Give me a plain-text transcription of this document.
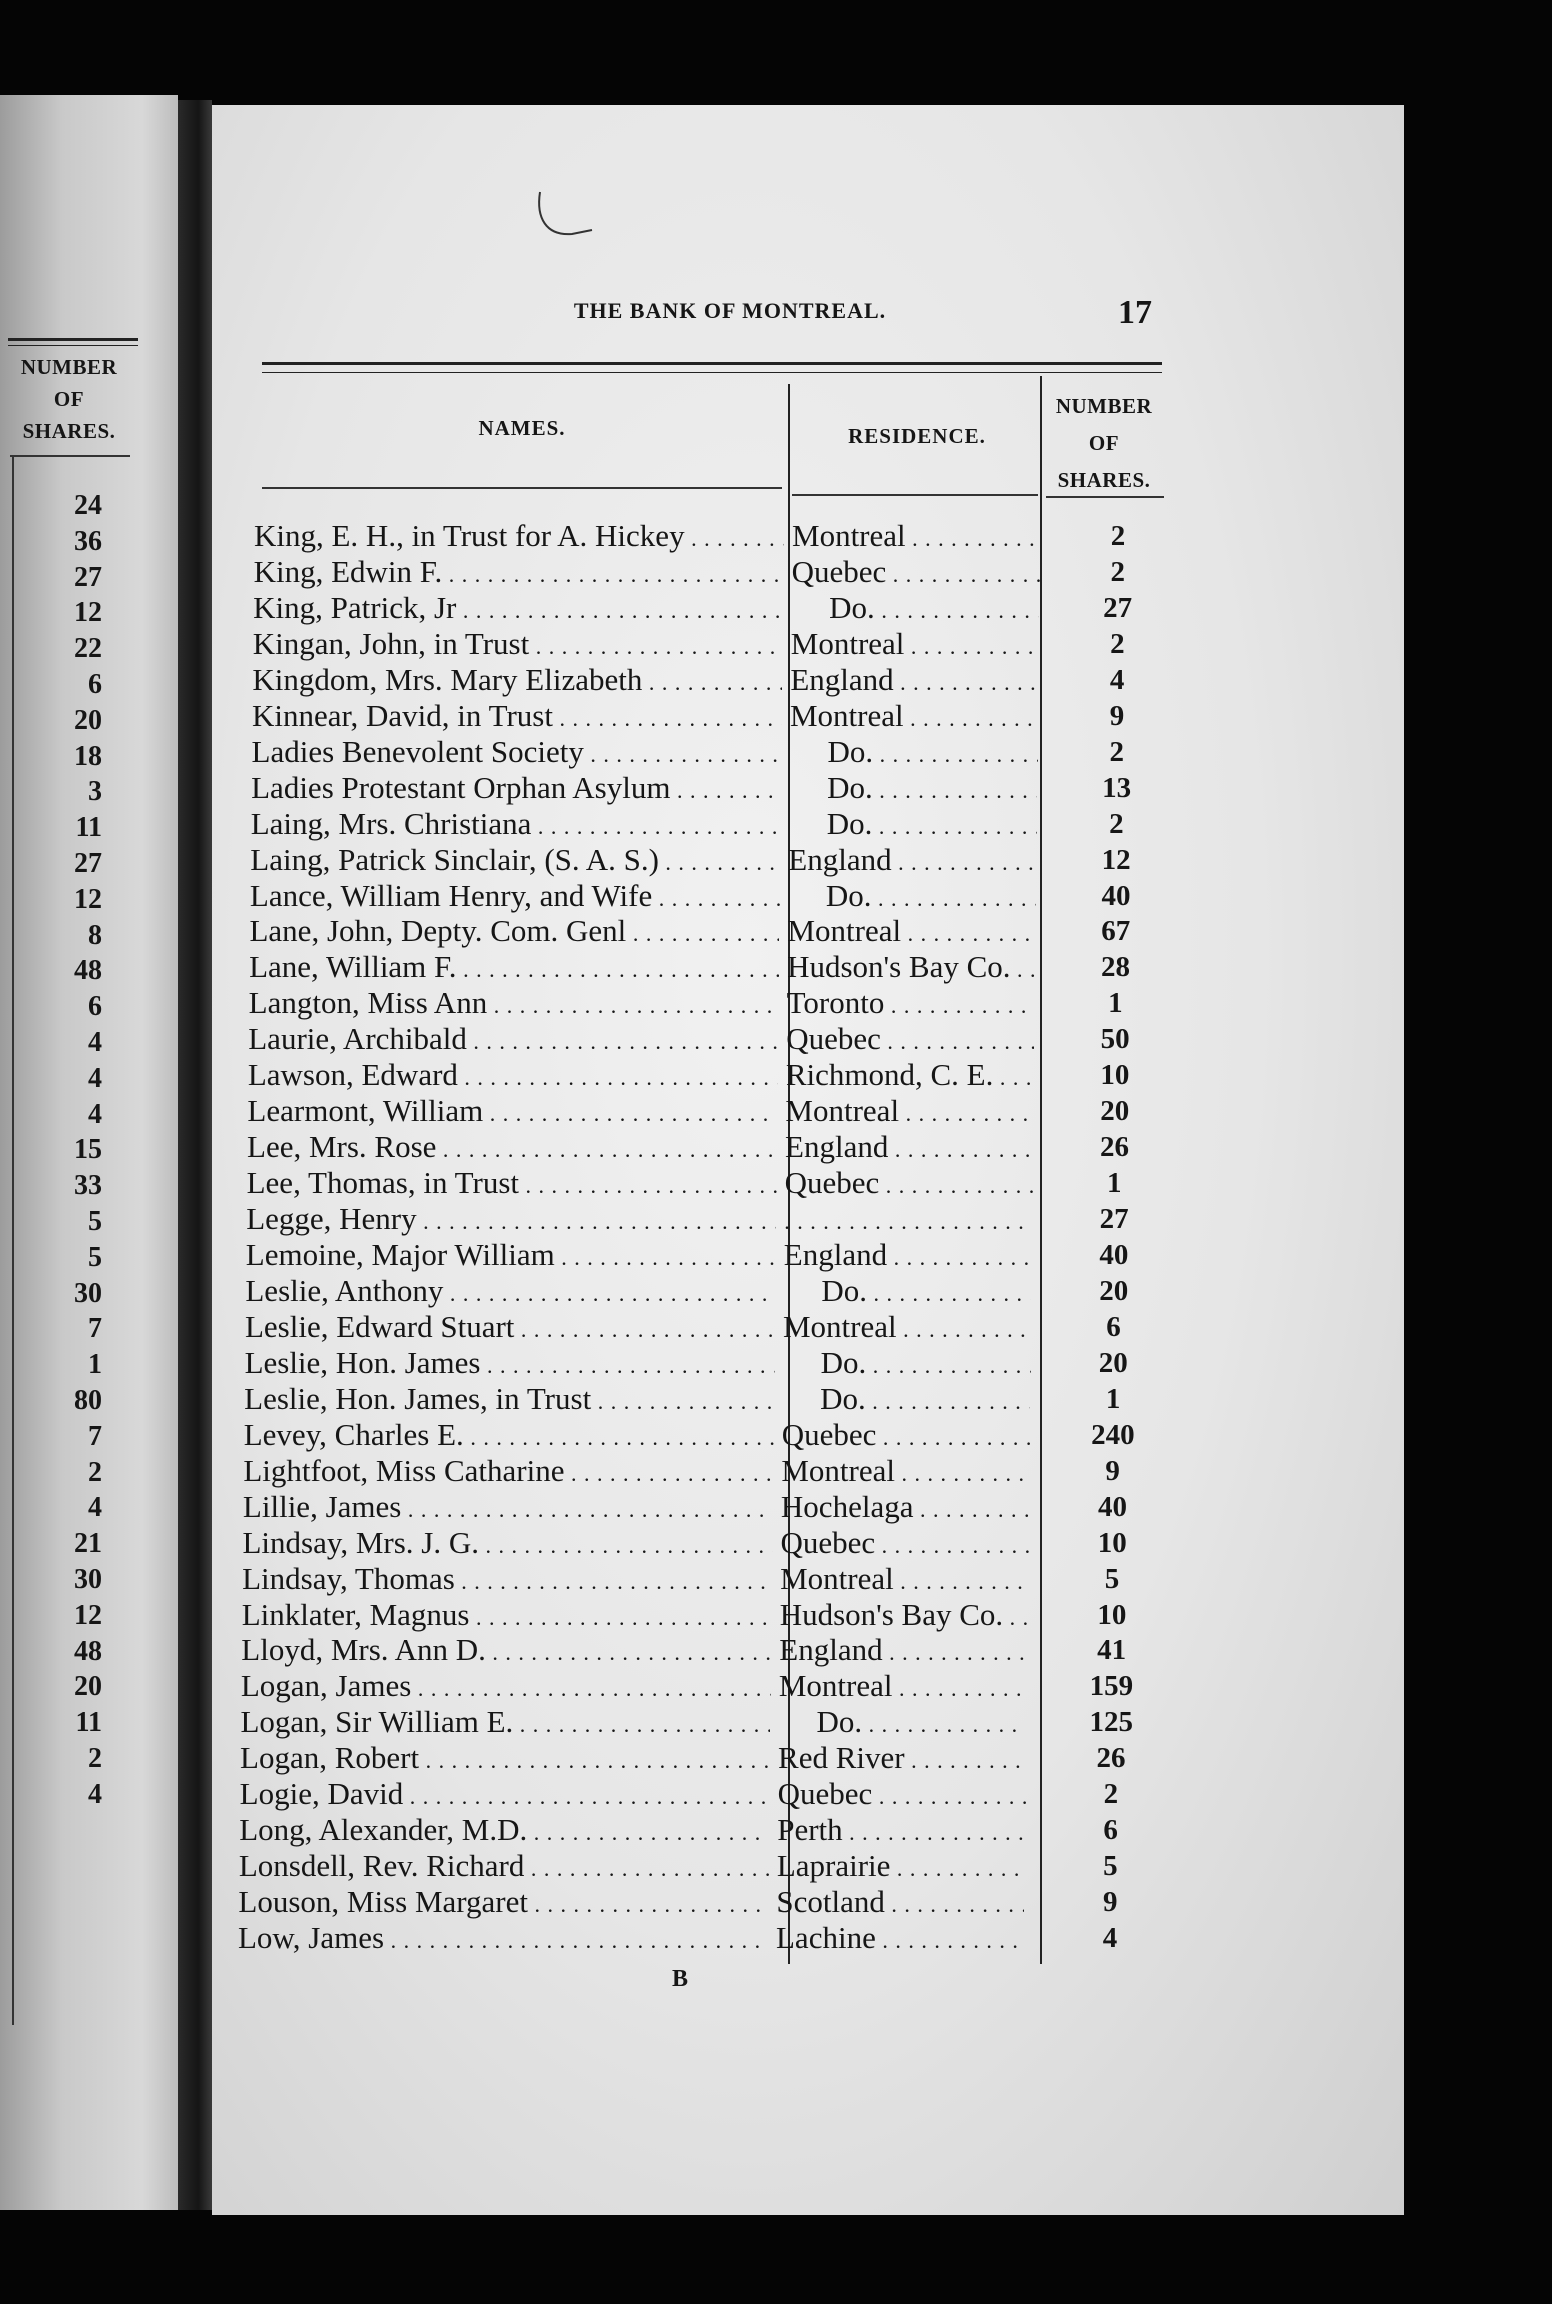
NUMBER
OF
SHARES.
24
36
27
12
22
6
20
18
3
11
27
12
8
48
6
4
4
4
15
33
5
5
30
7
1
80
7
2
4
21
30
12
48
20
11
2
4
THE BANK OF MONTREAL.	17
NAMES.	RESIDENCE.
NUMBER
OF
SHARES.
King, E. H., in Trust for A. Hickey . . .	Montreal . . .	2
King, Edwin F. . . .	Quebec . . .	2
King, Patrick, Jr . . .	Do. . . .	27
Kingan, John, in Trust . . .	Montreal . . .	2
Kingdom, Mrs. Mary Elizabeth . . .	England . . .	4
Kinnear, David, in Trust . . .	Montreal . . .	9
Ladies Benevolent Society . . .	Do. . . .	2
Ladies Protestant Orphan Asylum . . .	Do. . . .	13
Laing, Mrs. Christiana . . .	Do. . . .	2
Laing, Patrick Sinclair, (S. A. S.) . . .	England . . .	12
Lance, William Henry, and Wife . . .	Do. . . .	40
Lane, John, Depty. Com. Genl . . .	Montreal . . .	67
Lane, William F. . . .	Hudson's Bay Co. . . .	28
Langton, Miss Ann . . .	Toronto . . .	1
Laurie, Archibald . . .	Quebec . . .	50
Lawson, Edward . . .	Richmond, C. E. . . .	10
Learmont, William . . .	Montreal . . .	20
Lee, Mrs. Rose . . .	England . . .	26
Lee, Thomas, in Trust . . .	Quebec . . .	1
Legge, Henry . . . . . .	27
Lemoine, Major William . . .	England . . .	40
Leslie, Anthony . . .	Do. . . .	20
Leslie, Edward Stuart . . .	Montreal . . .	6
Leslie, Hon. James . . .	Do. . . .	20
Leslie, Hon. James, in Trust . . .	Do. . . .	1
Levey, Charles E. . . .	Quebec . . .	240
Lightfoot, Miss Catharine . . .	Montreal . . .	9
Lillie, James . . .	Hochelaga . . .	40
Lindsay, Mrs. J. G. . . .	Quebec . . .	10
Lindsay, Thomas . . .	Montreal . . .	5
Linklater, Magnus . . .	Hudson's Bay Co. . . .	10
Lloyd, Mrs. Ann D. . . .	England . . .	41
Logan, James . . .	Montreal . . .	159
Logan, Sir William E. . . .	Do. . . .	125
Logan, Robert . . .	Red River . . .	26
Logie, David . . .	Quebec . . .	2
Long, Alexander, M.D. . . .	Perth . . .	6
Lonsdell, Rev. Richard . . .	Laprairie . . .	5
Louson, Miss Margaret . . .	Scotland . . .	9
Low, James . . .	Lachine . . .	4
B
